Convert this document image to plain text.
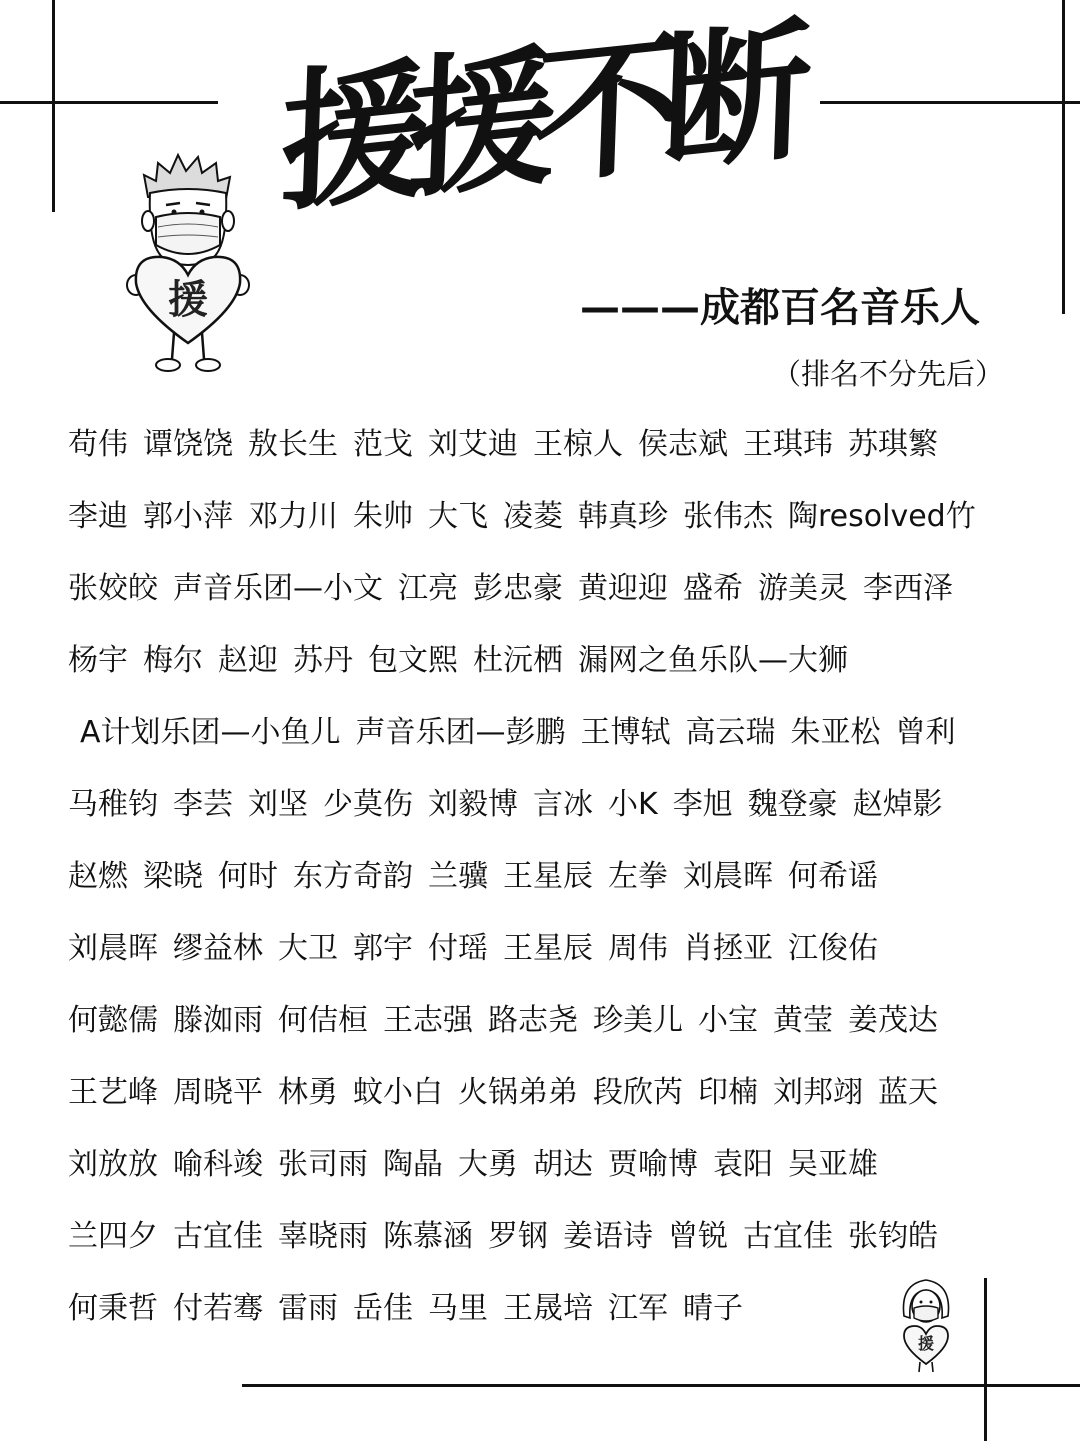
援援不断
援	———成都百名音乐人
（排名不分先后）
苟伟 谭饶饶 敖长生 范戈 刘艾迪 王椋人 侯志斌 王琪玮 苏琪繁
李迪 郭小萍 邓力川 朱帅 大飞 凌菱 韩真珍 张伟杰 陶resolved竹
张姣皎 声音乐团—小文 江亮 彭忠豪 黄迎迎 盛希 游美灵 李西泽
杨宇 梅尔 赵迎 苏丹 包文熙 杜沅栖 漏网之鱼乐队—大狮
A计划乐团—小鱼儿 声音乐团—彭鹏 王博轼 高云瑞 朱亚松 曾利
马稚钧 李芸 刘坚 少莫伤 刘毅博 言冰 小K 李旭 魏登豪 赵焯影
赵燃 梁晓 何时 东方奇韵 兰骥 王星辰 左拳 刘晨晖 何希谣
刘晨晖 缪益林 大卫 郭宇 付瑶 王星辰 周伟 肖拯亚 江俊佑
何懿儒 滕洳雨 何佶桓 王志强 路志尧 珍美儿 小宝 黄莹 姜茂达
王艺峰 周晓平 林勇 蚊小白 火锅弟弟 段欣芮 印楠 刘邦翊 蓝天
刘放放 喻科竣 张司雨 陶晶 大勇 胡达 贾喻博 袁阳 吴亚雄
兰四夕 古宜佳 辜晓雨 陈慕涵 罗钢 姜语诗 曾锐 古宜佳 张钧皓
何秉哲 付若骞 雷雨 岳佳 马里 王晟培 江军 晴子
援
